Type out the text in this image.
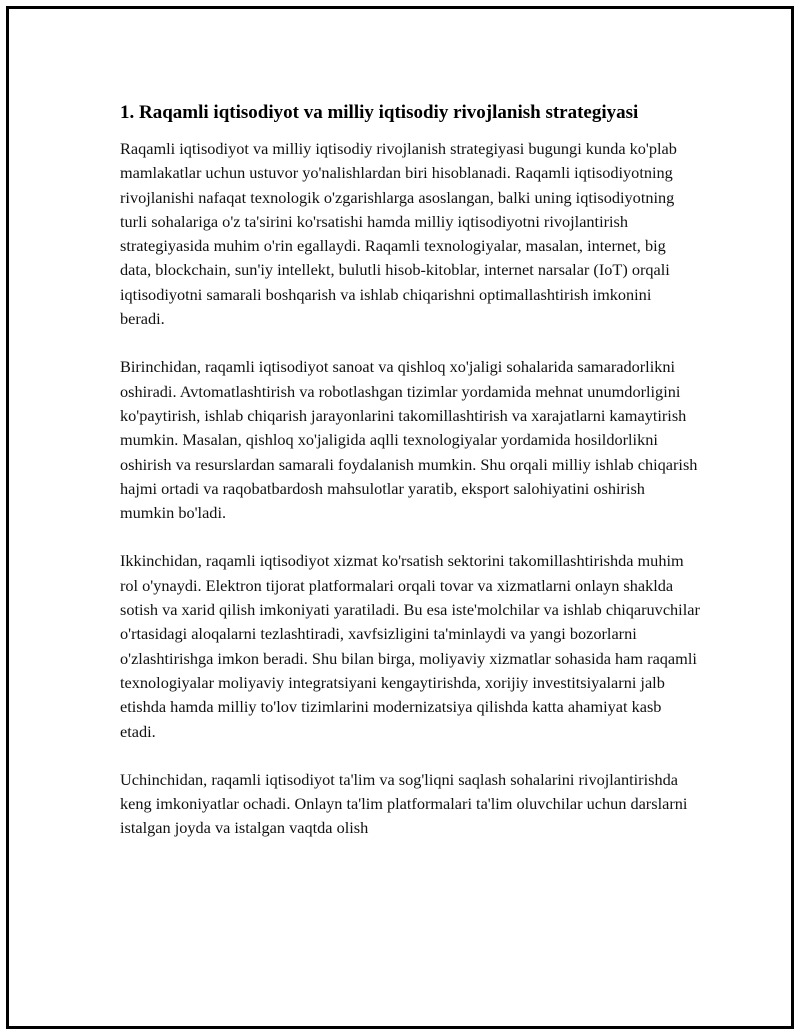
1. Raqamli iqtisodiyot va milliy iqtisodiy rivojlanish strategiyasi

Raqamli iqtisodiyot va milliy iqtisodiy rivojlanish strategiyasi bugungi kunda ko'plab mamlakatlar uchun ustuvor yo'nalishlardan biri hisoblanadi. Raqamli iqtisodiyotning rivojlanishi nafaqat texnologik o'zgarishlarga asoslangan, balki uning iqtisodiyotning turli sohalariga o'z ta'sirini ko'rsatishi hamda milliy iqtisodiyotni rivojlantirish strategiyasida muhim o'rin egallaydi. Raqamli texnologiyalar, masalan, internet, big data, blockchain, sun'iy intellekt, bulutli hisob-kitoblar, internet narsalar (IoT) orqali iqtisodiyotni samarali boshqarish va ishlab chiqarishni optimallashtirish imkonini beradi.

Birinchidan, raqamli iqtisodiyot sanoat va qishloq xo'jaligi sohalarida samaradorlikni oshiradi. Avtomatlashtirish va robotlashgan tizimlar yordamida mehnat unumdorligini ko'paytirish, ishlab chiqarish jarayonlarini takomillashtirish va xarajatlarni kamaytirish mumkin. Masalan, qishloq xo'jaligida aqlli texnologiyalar yordamida hosildorlikni oshirish va resurslardan samarali foydalanish mumkin. Shu orqali milliy ishlab chiqarish hajmi ortadi va raqobatbardosh mahsulotlar yaratib, eksport salohiyatini oshirish mumkin bo'ladi.

Ikkinchidan, raqamli iqtisodiyot xizmat ko'rsatish sektorini takomillashtirishda muhim rol o'ynaydi. Elektron tijorat platformalari orqali tovar va xizmatlarni onlayn shaklda sotish va xarid qilish imkoniyati yaratiladi. Bu esa iste'molchilar va ishlab chiqaruvchilar o'rtasidagi aloqalarni tezlashtiradi, xavfsizligini ta'minlaydi va yangi bozorlarni o'zlashtirishga imkon beradi. Shu bilan birga, moliyaviy xizmatlar sohasida ham raqamli texnologiyalar moliyaviy integratsiyani kengaytirishda, xorijiy investitsiyalarni jalb etishda hamda milliy to'lov tizimlarini modernizatsiya qilishda katta ahamiyat kasb etadi.

Uchinchidan, raqamli iqtisodiyot ta'lim va sog'liqni saqlash sohalarini rivojlantirishda keng imkoniyatlar ochadi. Onlayn ta'lim platformalari ta'lim oluvchilar uchun darslarni istalgan joyda va istalgan vaqtda olish
